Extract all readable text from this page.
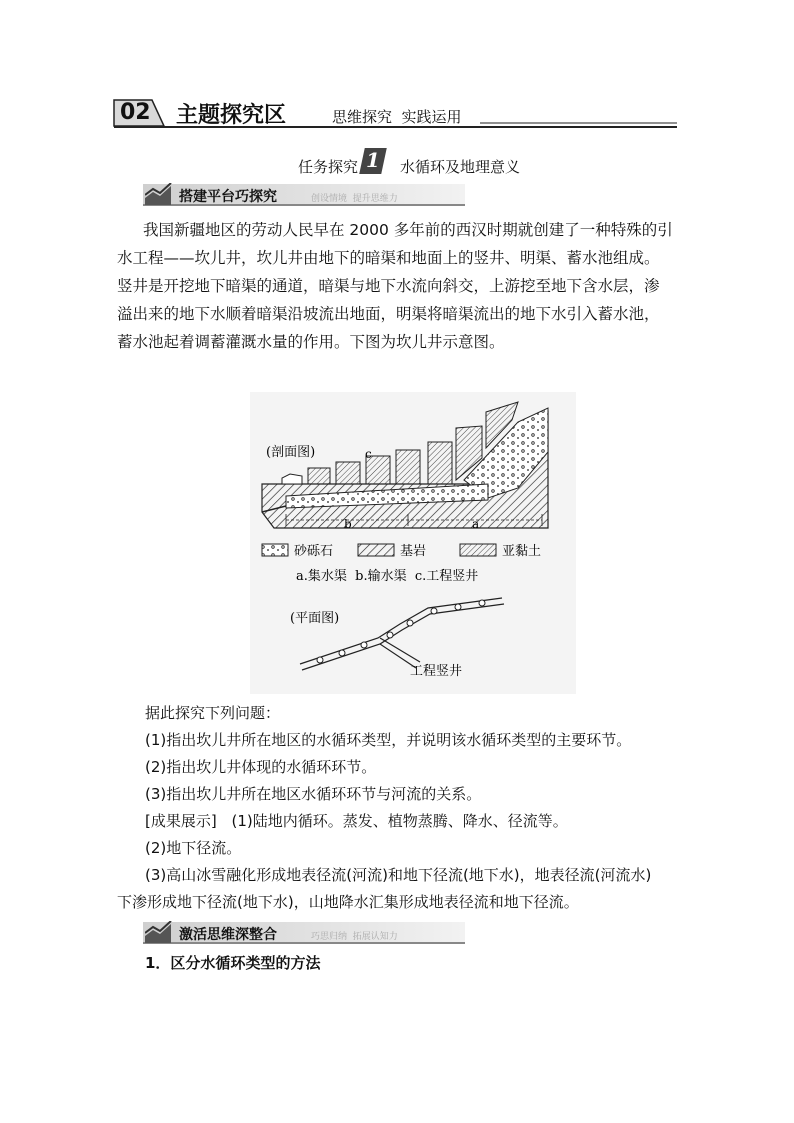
02 主题探究区	思维探究  实践运用
任务探究 1 水循环及地理意义
搭建平台巧探究	创设情境  提升思维力
我国新疆地区的劳动人民早在 2000 多年前的西汉时期就创建了一种特殊的引
水工程——坎儿井，坎儿井由地下的暗渠和地面上的竖井、明渠、蓄水池组成。
竖井是开挖地下暗渠的通道，暗渠与地下水流向斜交，上游挖至地下含水层，渗
溢出来的地下水顺着暗渠沿坡流出地面，明渠将暗渠流出的地下水引入蓄水池，
蓄水池起着调蓄灌溉水量的作用。下图为坎儿井示意图。
(剖面图)	c
b	a
砂砾石	基岩	亚黏土
a.集水渠  b.输水渠  c.工程竖井
(平面图)
工程竖井
据此探究下列问题：
(1)指出坎儿井所在地区的水循环类型，并说明该水循环类型的主要环节。
(2)指出坎儿井体现的水循环环节。
(3)指出坎儿井所在地区水循环环节与河流的关系。
[成果展示] (1)陆地内循环。蒸发、植物蒸腾、降水、径流等。
(2)地下径流。
(3)高山冰雪融化形成地表径流(河流)和地下径流(地下水)，地表径流(河流水)
下渗形成地下径流(地下水)，山地降水汇集形成地表径流和地下径流。
激活思维深整合	巧思归纳  拓展认知力
1．区分水循环类型的方法
